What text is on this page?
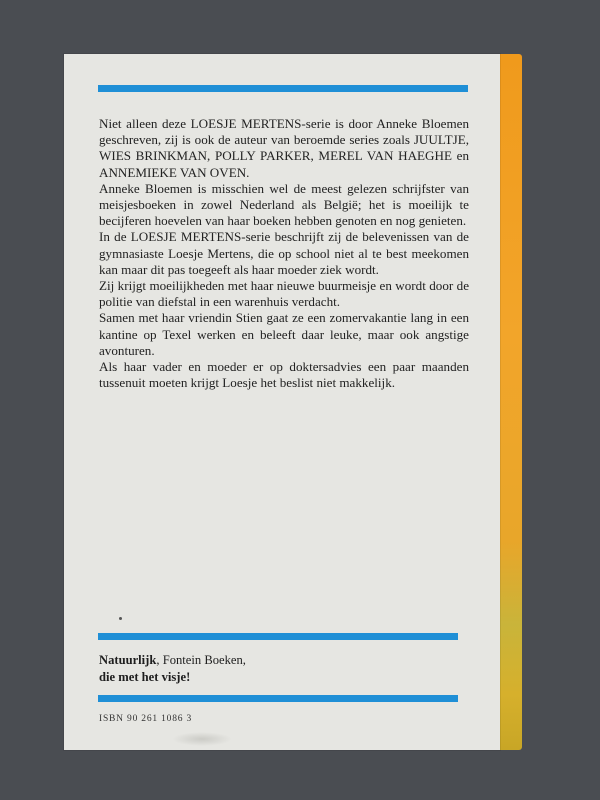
Niet alleen deze LOESJE MERTENS-serie is door Anneke Bloemen geschreven, zij is ook de auteur van beroemde series zoals JUULTJE, WIES BRINKMAN, POLLY PARKER, MEREL VAN HAEGHE en ANNEMIEKE VAN OVEN.

Anneke Bloemen is misschien wel de meest gelezen schrijfster van meisjesboeken in zowel Nederland als België; het is moeilijk te becijferen hoevelen van haar boeken hebben genoten en nog genieten.

In de LOESJE MERTENS-serie beschrijft zij de belevenissen van de gymnasiaste Loesje Mertens, die op school niet al te best meekomen kan maar dit pas toegeeft als haar moeder ziek wordt.

Zij krijgt moeilijkheden met haar nieuwe buurmeisje en wordt door de politie van diefstal in een warenhuis verdacht.

Samen met haar vriendin Stien gaat ze een zomervakantie lang in een kantine op Texel werken en beleeft daar leuke, maar ook angstige avonturen.

Als haar vader en moeder er op doktersadvies een paar maanden tussenuit moeten krijgt Loesje het beslist niet makkelijk.

Natuurlijk, Fontein Boeken,
die met het visje!
ISBN 90 261 1086 3
